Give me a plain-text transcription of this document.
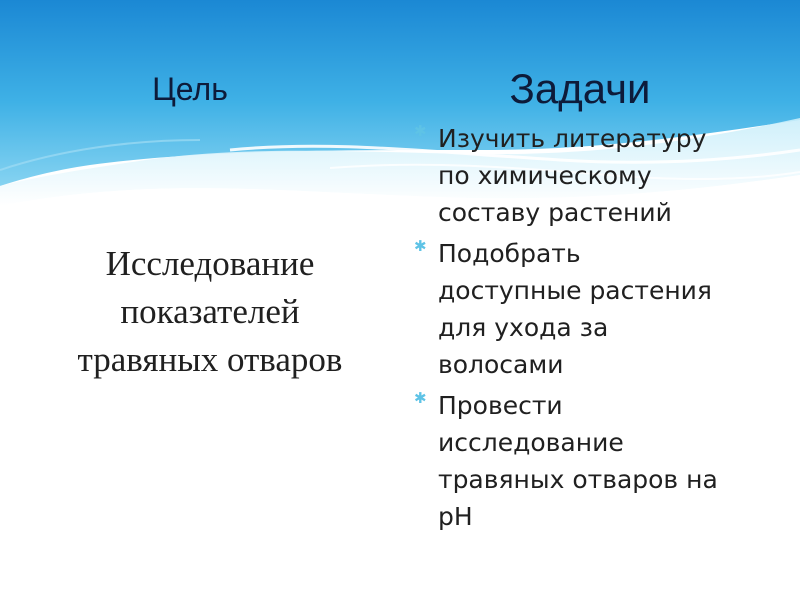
Цель	Задачи
Исследование
показателей
травяных отваров
✱ Изучить литературу
по химическому
составу растений
✱ Подобрать
доступные растения
для ухода за
волосами
✱ Провести
исследование
травяных отваров на
pH
